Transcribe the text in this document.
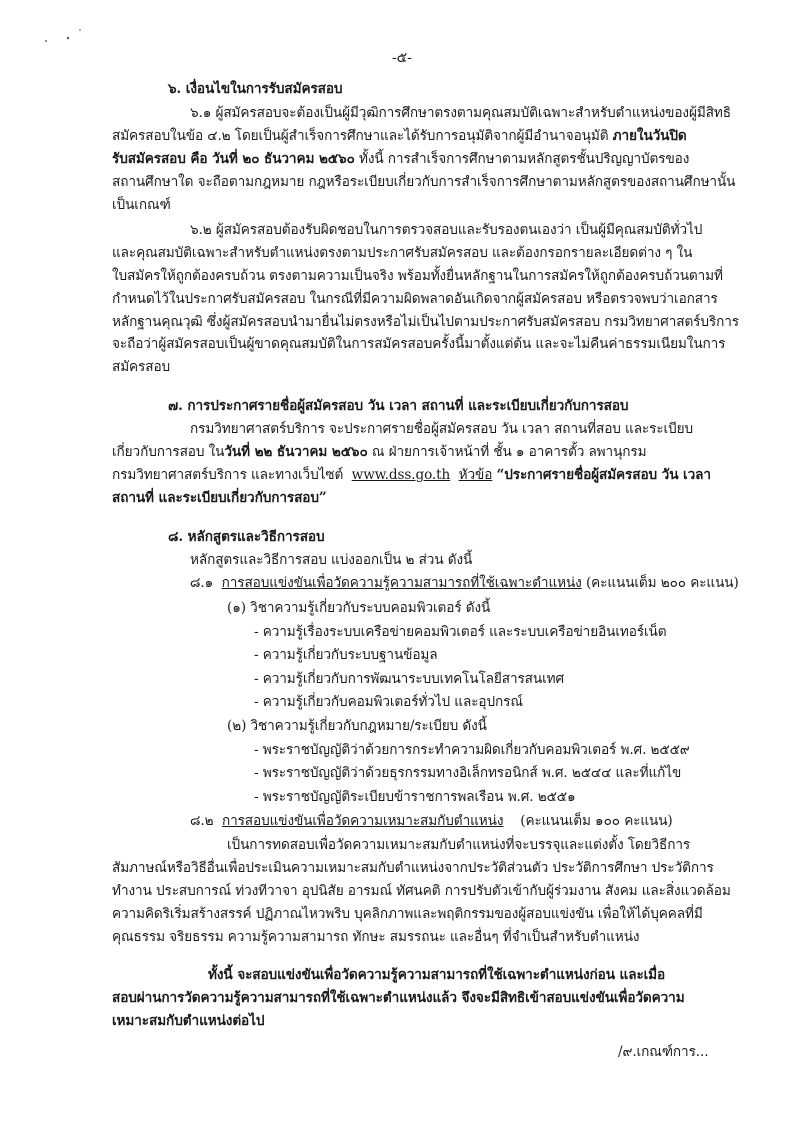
-๕-
๖. เงื่อนไขในการรับสมัครสอบ
๖.๑ ผู้สมัครสอบจะต้องเป็นผู้มีวุฒิการศึกษาตรงตามคุณสมบัติเฉพาะสำหรับตำแหน่งของผู้มีสิทธิ
สมัครสอบในข้อ ๔.๒ โดยเป็นผู้สำเร็จการศึกษาและได้รับการอนุมัติจากผู้มีอำนาจอนุมัติ ภายในวันปิด
รับสมัครสอบ คือ วันที่ ๒๐ ธันวาคม ๒๕๖๐ ทั้งนี้ การสำเร็จการศึกษาตามหลักสูตรชั้นปริญญาบัตรของ
สถานศึกษาใด จะถือตามกฎหมาย กฎหรือระเบียบเกี่ยวกับการสำเร็จการศึกษาตามหลักสูตรของสถานศึกษานั้น
เป็นเกณฑ์
๖.๒ ผู้สมัครสอบต้องรับผิดชอบในการตรวจสอบและรับรองตนเองว่า เป็นผู้มีคุณสมบัติทั่วไป
และคุณสมบัติเฉพาะสำหรับตำแหน่งตรงตามประกาศรับสมัครสอบ และต้องกรอกรายละเอียดต่าง ๆ ใน
ใบสมัครให้ถูกต้องครบถ้วน ตรงตามความเป็นจริง พร้อมทั้งยื่นหลักฐานในการสมัครให้ถูกต้องครบถ้วนตามที่
กำหนดไว้ในประกาศรับสมัครสอบ ในกรณีที่มีความผิดพลาดอันเกิดจากผู้สมัครสอบ หรือตรวจพบว่าเอกสาร
หลักฐานคุณวุฒิ ซึ่งผู้สมัครสอบนำมายื่นไม่ตรงหรือไม่เป็นไปตามประกาศรับสมัครสอบ กรมวิทยาศาสตร์บริการ
จะถือว่าผู้สมัครสอบเป็นผู้ขาดคุณสมบัติในการสมัครสอบครั้งนี้มาตั้งแต่ต้น และจะไม่คืนค่าธรรมเนียมในการ
สมัครสอบ
๗. การประกาศรายชื่อผู้สมัครสอบ วัน เวลา สถานที่ และระเบียบเกี่ยวกับการสอบ
กรมวิทยาศาสตร์บริการ จะประกาศรายชื่อผู้สมัครสอบ วัน เวลา สถานที่สอบ และระเบียบ
เกี่ยวกับการสอบ ในวันที่ ๒๒ ธันวาคม ๒๕๖๐ ณ ฝ่ายการเจ้าหน้าที่ ชั้น ๑ อาคารตั้ว ลพานุกรม
กรมวิทยาศาสตร์บริการ และทางเว็บไซต์ www.dss.go.th หัวข้อ “ประกาศรายชื่อผู้สมัครสอบ วัน เวลา
สถานที่ และระเบียบเกี่ยวกับการสอบ”
๘. หลักสูตรและวิธีการสอบ
หลักสูตรและวิธีการสอบ แบ่งออกเป็น ๒ ส่วน ดังนี้
๘.๑ การสอบแข่งขันเพื่อวัดความรู้ความสามารถที่ใช้เฉพาะตำแหน่ง (คะแนนเต็ม ๒๐๐ คะแนน)
(๑) วิชาความรู้เกี่ยวกับระบบคอมพิวเตอร์ ดังนี้
- ความรู้เรื่องระบบเครือข่ายคอมพิวเตอร์ และระบบเครือข่ายอินเทอร์เน็ต
- ความรู้เกี่ยวกับระบบฐานข้อมูล
- ความรู้เกี่ยวกับการพัฒนาระบบเทคโนโลยีสารสนเทศ
- ความรู้เกี่ยวกับคอมพิวเตอร์ทั่วไป และอุปกรณ์
(๒) วิชาความรู้เกี่ยวกับกฎหมาย/ระเบียบ ดังนี้
- พระราชบัญญัติว่าด้วยการกระทำความผิดเกี่ยวกับคอมพิวเตอร์ พ.ศ. ๒๕๕๙
- พระราชบัญญัติว่าด้วยธุรกรรมทางอิเล็กทรอนิกส์ พ.ศ. ๒๕๔๔ และที่แก้ไข
- พระราชบัญญัติระเบียบข้าราชการพลเรือน พ.ศ. ๒๕๕๑
๘.๒ การสอบแข่งขันเพื่อวัดความเหมาะสมกับตำแหน่ง (คะแนนเต็ม ๑๐๐ คะแนน)
เป็นการทดสอบเพื่อวัดความเหมาะสมกับตำแหน่งที่จะบรรจุและแต่งตั้ง โดยวิธีการ
สัมภาษณ์หรือวิธีอื่นเพื่อประเมินความเหมาะสมกับตำแหน่งจากประวัติส่วนตัว ประวัติการศึกษา ประวัติการ
ทำงาน ประสบการณ์ ท่วงทีวาจา อุปนิสัย อารมณ์ ทัศนคติ การปรับตัวเข้ากับผู้ร่วมงาน สังคม และสิ่งแวดล้อม
ความคิดริเริ่มสร้างสรรค์ ปฏิภาณไหวพริบ บุคลิกภาพและพฤติกรรมของผู้สอบแข่งขัน เพื่อให้ได้บุคคลที่มี
คุณธรรม จริยธรรม ความรู้ความสามารถ ทักษะ สมรรถนะ และอื่นๆ ที่จำเป็นสำหรับตำแหน่ง
ทั้งนี้ จะสอบแข่งขันเพื่อวัดความรู้ความสามารถที่ใช้เฉพาะตำแหน่งก่อน และเมื่อ
สอบผ่านการวัดความรู้ความสามารถที่ใช้เฉพาะตำแหน่งแล้ว จึงจะมีสิทธิเข้าสอบแข่งขันเพื่อวัดความ
เหมาะสมกับตำแหน่งต่อไป
/๙.เกณฑ์การ...
